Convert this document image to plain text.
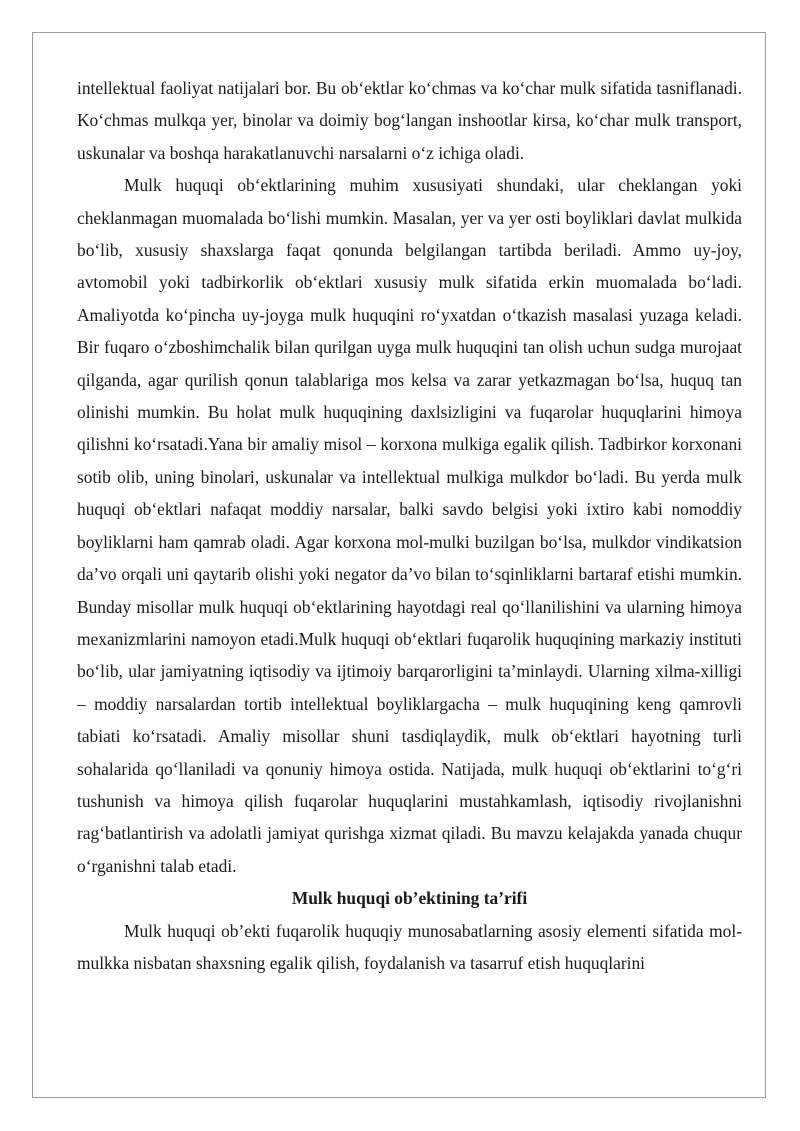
intellektual faoliyat natijalari bor. Bu ob‘ektlar ko‘chmas va ko‘char mulk sifatida tasniflanadi. Ko‘chmas mulkqa yer, binolar va doimiy bog‘langan inshootlar kirsa, ko‘char mulk transport, uskunalar va boshqa harakatlanuvchi narsalarni o‘z ichiga oladi.

Mulk huquqi ob‘ektlarining muhim xususiyati shundaki, ular cheklangan yoki cheklanmagan muomalada bo‘lishi mumkin. Masalan, yer va yer osti boyliklari davlat mulkida bo‘lib, xususiy shaxslarga faqat qonunda belgilangan tartibda beriladi. Ammo uy-joy, avtomobil yoki tadbirkorlik ob‘ektlari xususiy mulk sifatida erkin muomalada bo‘ladi. Amaliyotda ko‘pincha uy-joyga mulk huquqini ro‘yxatdan o‘tkazish masalasi yuzaga keladi. Bir fuqaro o‘zboshimchalik bilan qurilgan uyga mulk huquqini tan olish uchun sudga murojaat qilganda, agar qurilish qonun talablariga mos kelsa va zarar yetkazmagan bo‘lsa, huquq tan olinishi mumkin. Bu holat mulk huquqining daxlsizligini va fuqarolar huquqlarini himoya qilishni ko‘rsatadi.Yana bir amaliy misol – korxona mulkiga egalik qilish. Tadbirkor korxonani sotib olib, uning binolari, uskunalar va intellektual mulkiga mulkdor bo‘ladi. Bu yerda mulk huquqi ob‘ektlari nafaqat moddiy narsalar, balki savdo belgisi yoki ixtiro kabi nomoddiy boyliklarni ham qamrab oladi. Agar korxona mol-mulki buzilgan bo‘lsa, mulkdor vindikatsion da’vo orqali uni qaytarib olishi yoki negator da’vo bilan to‘sqinliklarni bartaraf etishi mumkin. Bunday misollar mulk huquqi ob‘ektlarining hayotdagi real qo‘llanilishini va ularning himoya mexanizmlarini namoyon etadi.Mulk huquqi ob‘ektlari fuqarolik huquqining markaziy instituti bo‘lib, ular jamiyatning iqtisodiy va ijtimoiy barqarorligini ta’minlaydi. Ularning xilma-xilligi – moddiy narsalardan tortib intellektual boyliklargacha – mulk huquqining keng qamrovli tabiati ko‘rsatadi. Amaliy misollar shuni tasdiqlaydik, mulk ob‘ektlari hayotning turli sohalarida qo‘llaniladi va qonuniy himoya ostida. Natijada, mulk huquqi ob‘ektlarini to‘g‘ri tushunish va himoya qilish fuqarolar huquqlarini mustahkamlash, iqtisodiy rivojlanishni rag‘batlantirish va adolatli jamiyat qurishga xizmat qiladi. Bu mavzu kelajakda yanada chuqur o‘rganishni talab etadi.

Mulk huquqi ob’ektining ta’rifi

Mulk huquqi ob’ekti fuqarolik huquqiy munosabatlarning asosiy elementi sifatida mol-mulkka nisbatan shaxsning egalik qilish, foydalanish va tasarruf etish huquqlarini
